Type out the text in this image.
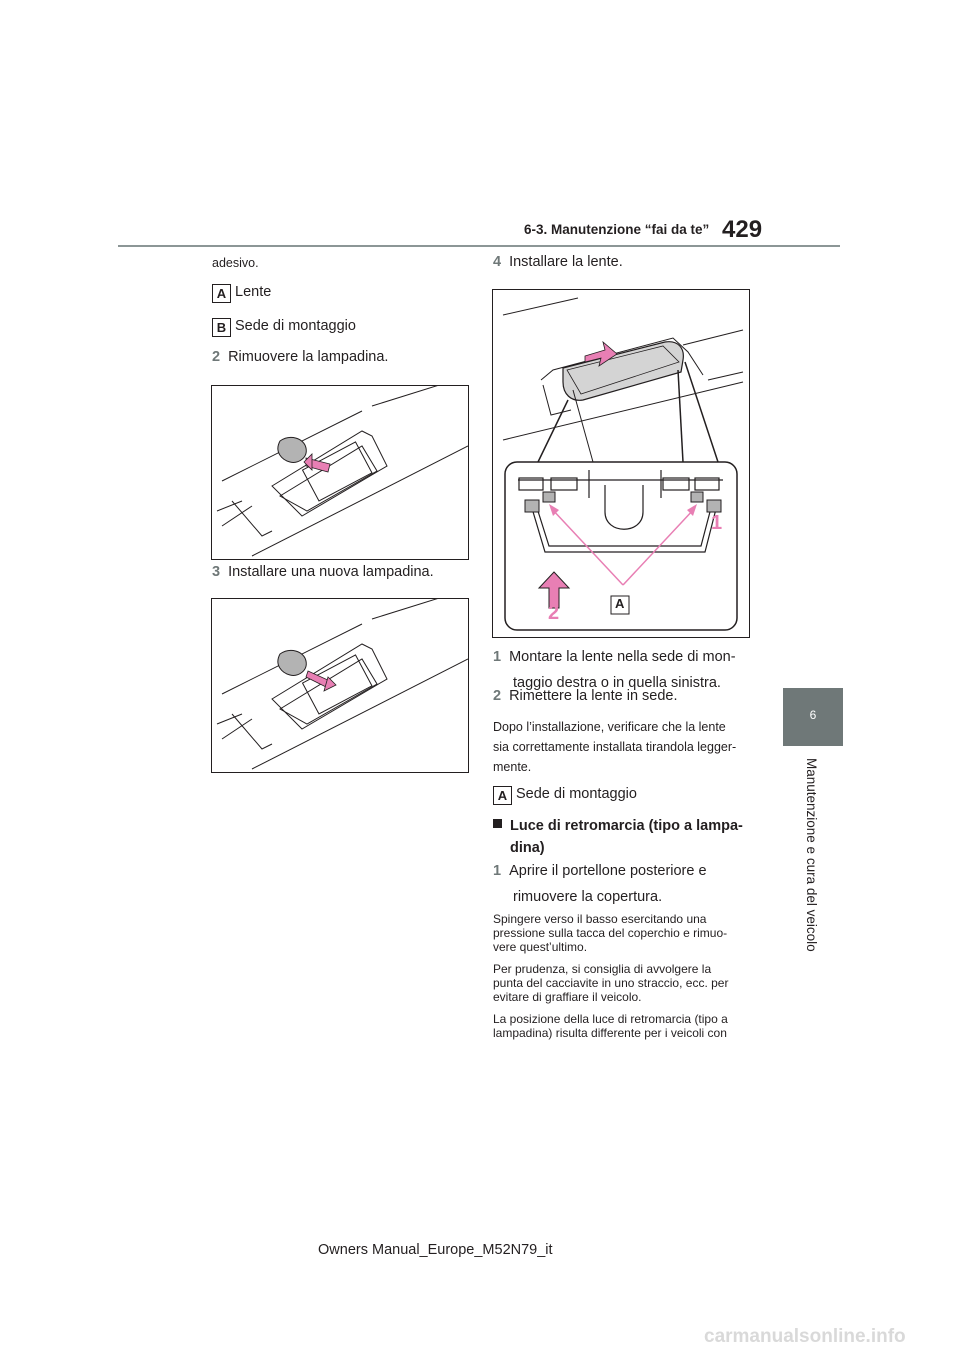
6-3. Manutenzione “fai da te” 429
6
Manutenzione e cura del veicolo
adesivo.
A Lente
B Sede di montaggio
2 Rimuovere la lampadina.
3 Installare una nuova lampadina.
4 Installare la lente.
1
2	A
1 Montare la lente nella sede di mon-
taggio destra o in quella sinistra.
2 Rimettere la lente in sede.

Dopo l’installazione, verificare che la lente

sia correttamente installata tirandola legger-

mente.

A Sede di montaggio
Luce di retromarcia (tipo a lampa-
dina)
1 Aprire il portellone posteriore e
rimuovere la copertura.

Spingere verso il basso esercitando una

pressione sulla tacca del coperchio e rimuo-

vere quest’ultimo.

Per prudenza, si consiglia di avvolgere la

punta del cacciavite in uno straccio, ecc. per

evitare di graffiare il veicolo.

La posizione della luce di retromarcia (tipo a

lampadina) risulta differente per i veicoli con

Owners Manual_Europe_M52N79_it
carmanualsonline.info
